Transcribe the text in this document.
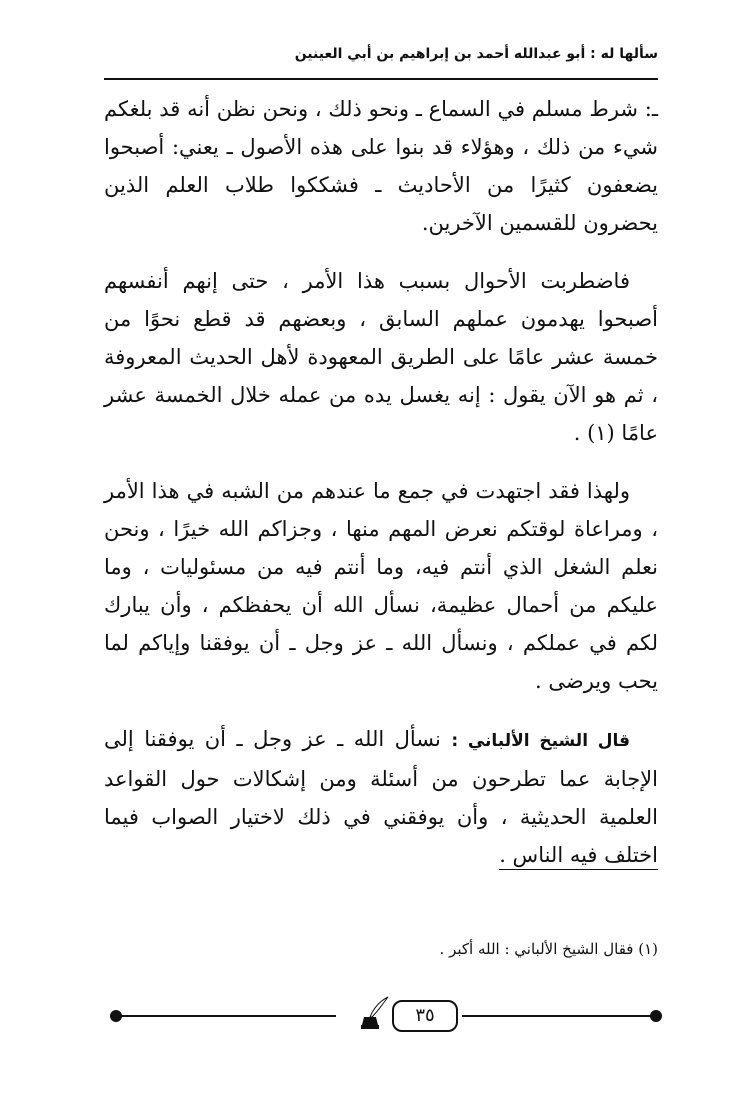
سألها له : أبو عبدالله أحمد بن إبراهيم بن أبي العينين

ـ: شرط مسلم في السماع ـ ونحو ذلك ، ونحن نظن أنه قد بلغكم شيء من ذلك ، وهؤلاء قد بنوا على هذه الأصول ـ يعني: أصبحوا يضعفون كثيرًا من الأحاديث ـ فشككوا طلاب العلم الذين يحضرون للقسمين الآخرين.

فاضطربت الأحوال بسبب هذا الأمر ، حتى إنهم أنفسهم أصبحوا يهدمون عملهم السابق ، وبعضهم قد قطع نحوًا من خمسة عشر عامًا على الطريق المعهودة لأهل الحديث المعروفة ، ثم هو الآن يقول : إنه يغسل يده من عمله خلال الخمسة عشر عامًا (١) .

ولهذا فقد اجتهدت في جمع ما عندهم من الشبه في هذا الأمر ، ومراعاة لوقتكم نعرض المهم منها ، وجزاكم الله خيرًا ، ونحن نعلم الشغل الذي أنتم فيه، وما أنتم فيه من مسئوليات ، وما عليكم من أحمال عظيمة، نسأل الله أن يحفظكم ، وأن يبارك لكم في عملكم ، ونسأل الله ـ عز وجل ـ أن يوفقنا وإياكم لما يحب ويرضى .

قال الشيخ الألباني : نسأل الله ـ عز وجل ـ أن يوفقنا إلى الإجابة عما تطرحون من أسئلة ومن إشكالات حول القواعد العلمية الحديثية ، وأن يوفقني في ذلك لاختيار الصواب فيما اختلف فيه الناس .

(١) فقال الشيخ الألباني : الله أكبر .
٣٥
